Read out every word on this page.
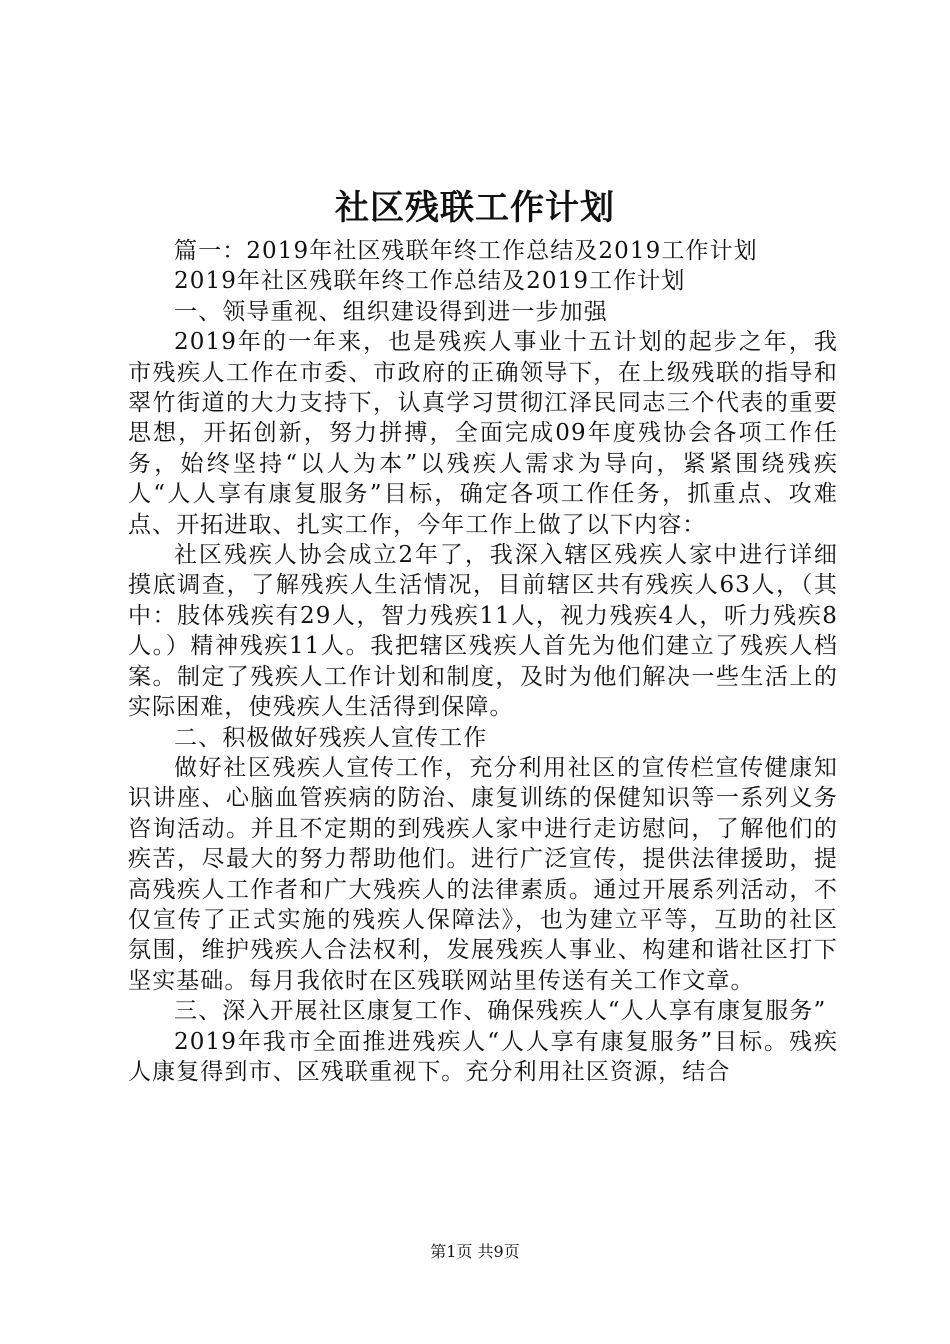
社区残联工作计划

篇一：2019年社区残联年终工作总结及2019工作计划

2019年社区残联年终工作总结及2019工作计划

一、领导重视、组织建设得到进一步加强

2019年的一年来，也是残疾人事业十五计划的起步之年，我市残疾人工作在市委、市政府的正确领导下，在上级残联的指导和翠竹街道的大力支持下，认真学习贯彻江泽民同志三个代表的重要思想，开拓创新，努力拼搏，全面完成09年度残协会各项工作任务，始终坚持“以人为本”以残疾人需求为导向，紧紧围绕残疾人“人人享有康复服务”目标，确定各项工作任务，抓重点、攻难点、开拓进取、扎实工作，今年工作上做了以下内容：

社区残疾人协会成立2年了，我深入辖区残疾人家中进行详细摸底调查，了解残疾人生活情况，目前辖区共有残疾人63人，（其中：肢体残疾有29人，智力残疾11人，视力残疾4人，听力残疾8人。）精神残疾11人。我把辖区残疾人首先为他们建立了残疾人档案。制定了残疾人工作计划和制度，及时为他们解决一些生活上的实际困难，使残疾人生活得到保障。

二、积极做好残疾人宣传工作

做好社区残疾人宣传工作，充分利用社区的宣传栏宣传健康知识讲座、心脑血管疾病的防治、康复训练的保健知识等一系列义务咨询活动。并且不定期的到残疾人家中进行走访慰问，了解他们的疾苦，尽最大的努力帮助他们。进行广泛宣传，提供法律援助，提高残疾人工作者和广大残疾人的法律素质。通过开展系列活动，不仅宣传了正式实施的残疾人保障法》，也为建立平等，互助的社区氛围，维护残疾人合法权利，发展残疾人事业、构建和谐社区打下坚实基础。每月我依时在区残联网站里传送有关工作文章。

三、深入开展社区康复工作、确保残疾人“人人享有康复服务”

2019年我市全面推进残疾人“人人享有康复服务”目标。残疾人康复得到市、区残联重视下。充分利用社区资源，结合

第1页 共9页
